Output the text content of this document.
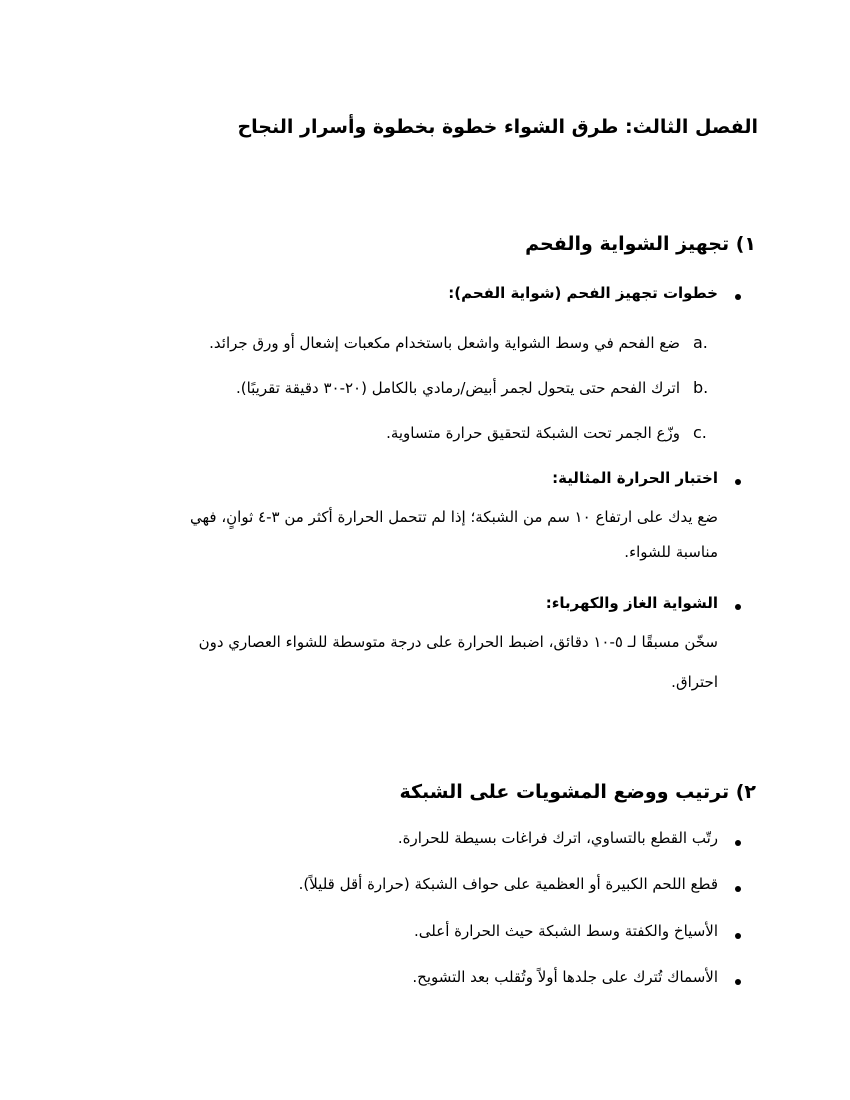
الفصل الثالث: طرق الشواء خطوة بخطوة وأسرار النجاح
١) تجهيز الشواية والفحم
خطوات تجهيز الفحم (شواية الفحم):
a.
ضع الفحم في وسط الشواية واشعل باستخدام مكعبات إشعال أو ورق جرائد.
b.
اترك الفحم حتى يتحول لجمر أبيض/رمادي بالكامل (٢٠-٣٠ دقيقة تقريبًا).
c.
وزّع الجمر تحت الشبكة لتحقيق حرارة متساوية.
اختبار الحرارة المثالية:
ضع يدك على ارتفاع ١٠ سم من الشبكة؛ إذا لم تتحمل الحرارة أكثر من ٣-٤ ثوانٍ، فهي
مناسبة للشواء.
الشواية الغاز والكهرباء:
سخّن مسبقًا لـ ٥-١٠ دقائق، اضبط الحرارة على درجة متوسطة للشواء العصاري دون
احتراق.
٢) ترتيب ووضع المشويات على الشبكة
رتّب القطع بالتساوي، اترك فراغات بسيطة للحرارة.
قطع اللحم الكبيرة أو العظمية على حواف الشبكة (حرارة أقل قليلاً).
الأسياخ والكفتة وسط الشبكة حيث الحرارة أعلى.
الأسماك تُترك على جلدها أولاً وتُقلب بعد التشويح.
